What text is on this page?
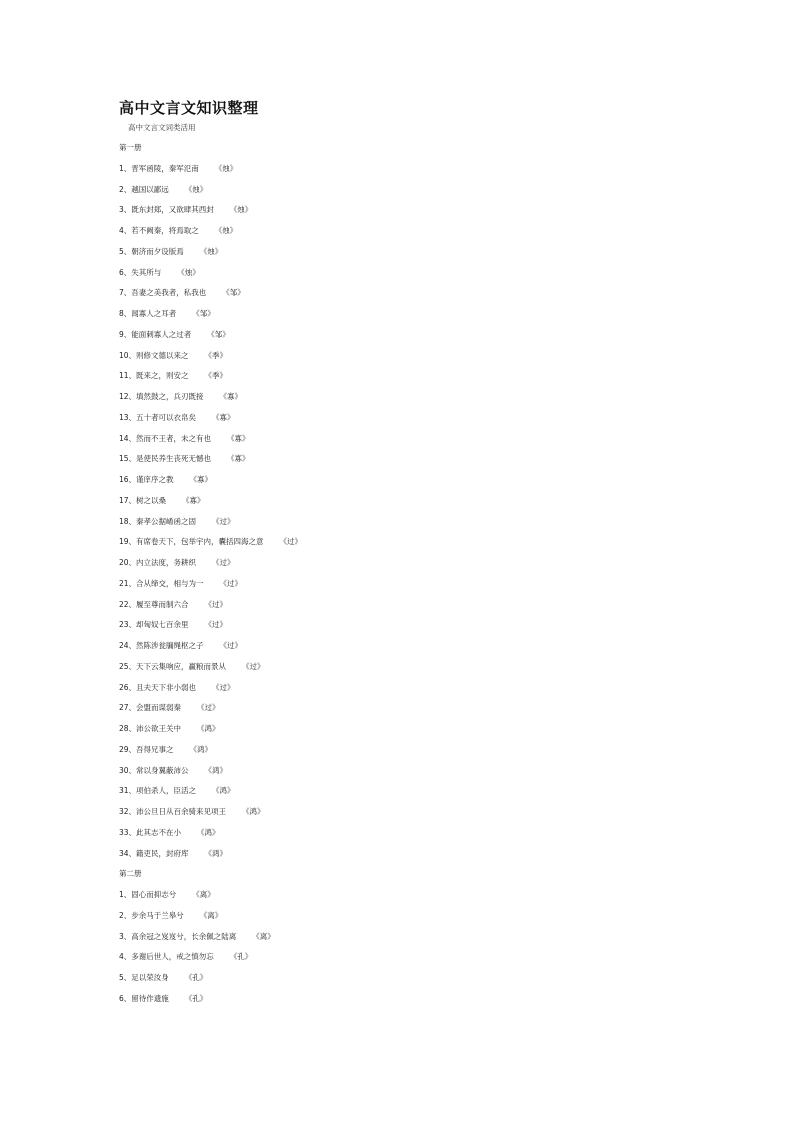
高中文言文知识整理
高中文言文词类活用
第一册
1、晋军函陵，秦军氾南 《烛》
2、越国以鄙远 《烛》
3、既东封郑，又欲肆其西封 《烛》
4、若不阙秦，将焉取之 《烛》
5、朝济而夕设版焉 《烛》
6、失其所与 《烛》
7、吾妻之美我者，私我也 《邹》
8、闻寡人之耳者 《邹》
9、能面刺寡人之过者 《邹》
10、则修文德以来之 《季》
11、既来之，则安之 《季》
12、填然鼓之，兵刃既接 《寡》
13、五十者可以衣帛矣 《寡》
14、然而不王者，未之有也 《寡》
15、是使民养生丧死无憾也 《寡》
16、谨庠序之教 《寡》
17、树之以桑 《寡》
18、秦孝公据崤函之固 《过》
19、有席卷天下，包举宇内，囊括四海之意 《过》
20、内立法度，务耕织 《过》
21、合从缔交，相与为一 《过》
22、履至尊而制六合 《过》
23、却匈奴七百余里 《过》
24、然陈涉瓮牖绳枢之子 《过》
25、天下云集响应，赢粮而景从 《过》
26、且夫天下非小弱也 《过》
27、会盟而谋弱秦 《过》
28、沛公欲王关中 《鸿》
29、吾得兄事之 《鸿》
30、常以身翼蔽沛公 《鸿》
31、项伯杀人，臣活之 《鸿》
32、沛公旦日从百余骑来见项王 《鸿》
33、此其志不在小 《鸿》
34、籍吏民，封府库 《鸿》
第二册
1、固心而抑志兮 《离》
2、步余马于兰皋兮 《离》
3、高余冠之岌岌兮，长余佩之陆离 《离》
4、多谢后世人，戒之慎勿忘 《孔》
5、足以荣汝身 《孔》
6、留待作遗施 《孔》
